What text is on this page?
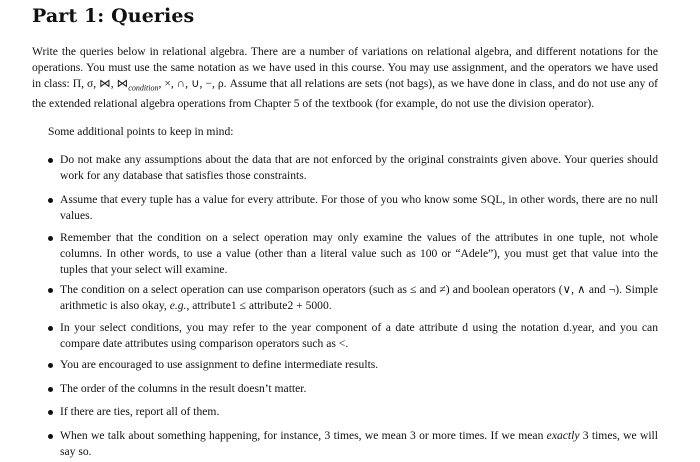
Part 1: Queries

Write the queries below in relational algebra. There are a number of variations on relational algebra, and different notations for the operations. You must use the same notation as we have used in this course. You may use assignment, and the operators we have used in class: Π, σ, ⋈, $⋈_{condition}$, ×, ∩, ∪, −, ρ. Assume that all relations are sets (not bags), as we have done in class, and do not use any of the extended relational algebra operations from Chapter 5 of the textbook (for example, do not use the division operator).

Some additional points to keep in mind:

Do not make any assumptions about the data that are not enforced by the original constraints given above. Your queries should work for any database that satisfies those constraints.
Assume that every tuple has a value for every attribute. For those of you who know some SQL, in other words, there are no null values.
Remember that the condition on a select operation may only examine the values of the attributes in one tuple, not whole columns. In other words, to use a value (other than a literal value such as 100 or “Adele”), you must get that value into the tuples that your select will examine.
The condition on a select operation can use comparison operators (such as ≤ and ≠) and boolean operators (∨, ∧ and ¬). Simple arithmetic is also okay, e.g., attribute1 ≤ attribute2 + 5000.
In your select conditions, you may refer to the year component of a date attribute d using the notation d.year, and you can compare date attributes using comparison operators such as <.
You are encouraged to use assignment to define intermediate results.
The order of the columns in the result doesn’t matter.
If there are ties, report all of them.
When we talk about something happening, for instance, 3 times, we mean 3 or more times. If we mean exactly 3 times, we will say so.
